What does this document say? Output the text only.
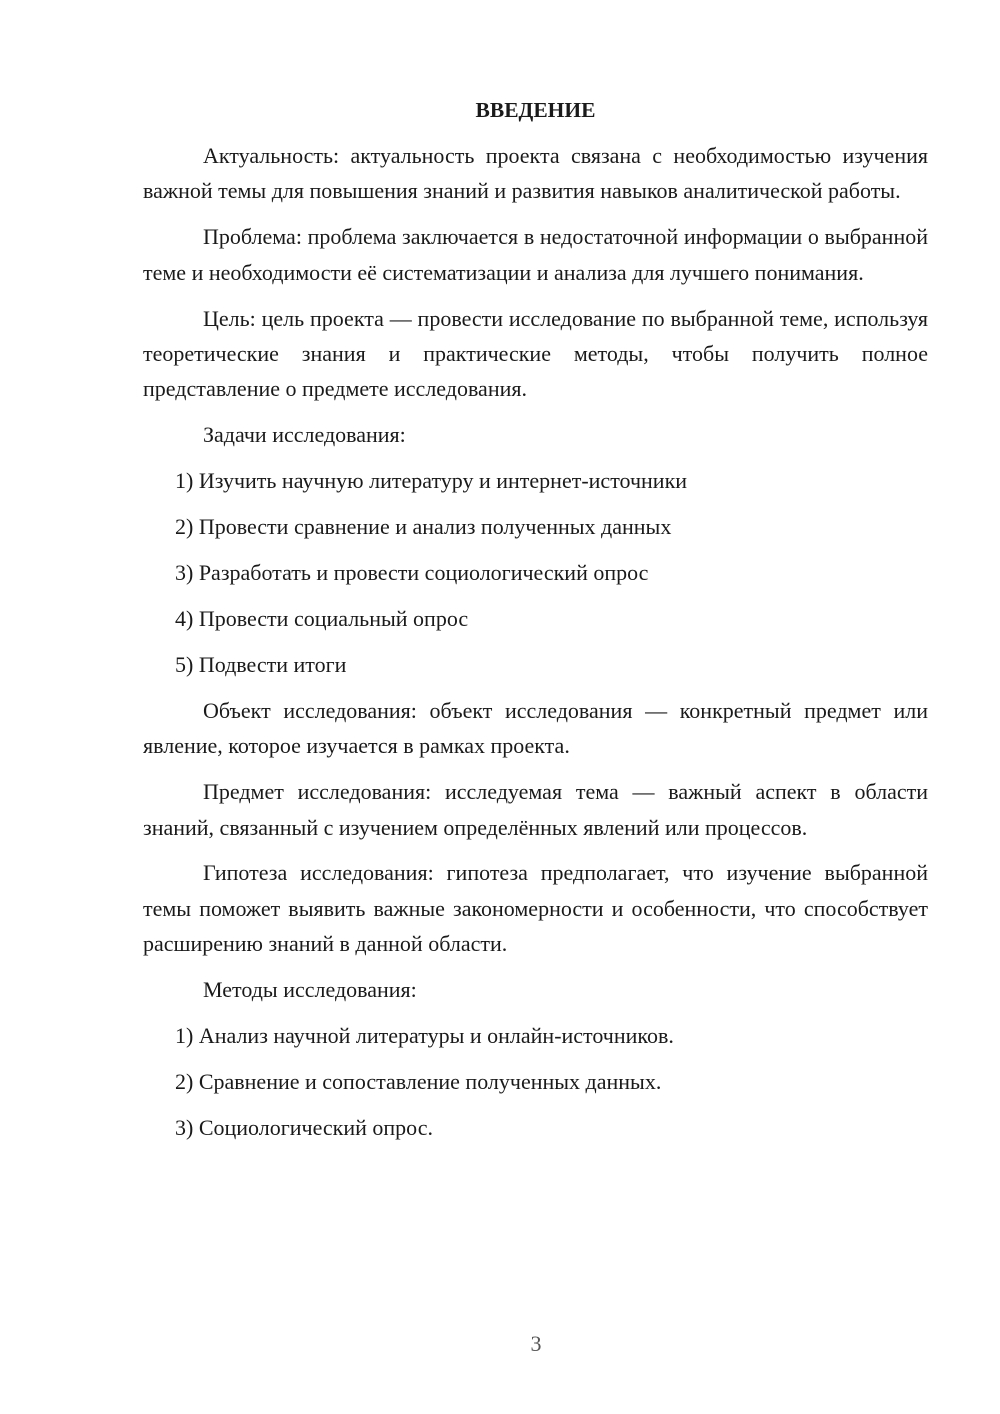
ВВЕДЕНИЕ
Актуальность: актуальность проекта связана с необходимостью изучения важной темы для повышения знаний и развития навыков аналитической работы.
Проблема: проблема заключается в недостаточной информации о выбранной теме и необходимости её систематизации и анализа для лучшего понимания.
Цель: цель проекта — провести исследование по выбранной теме, используя теоретические знания и практические методы, чтобы получить полное представление о предмете исследования.
Задачи исследования:
1) Изучить научную литературу и интернет-источники
2) Провести сравнение и анализ полученных данных
3) Разработать и провести социологический опрос
4) Провести социальный опрос
5) Подвести итоги
Объект исследования: объект исследования — конкретный предмет или явление, которое изучается в рамках проекта.
Предмет исследования: исследуемая тема — важный аспект в области знаний, связанный с изучением определённых явлений или процессов.
Гипотеза исследования: гипотеза предполагает, что изучение выбранной темы поможет выявить важные закономерности и особенности, что способствует расширению знаний в данной области.
Методы исследования:
1) Анализ научной литературы и онлайн-источников.
2) Сравнение и сопоставление полученных данных.
3) Социологический опрос.
3
